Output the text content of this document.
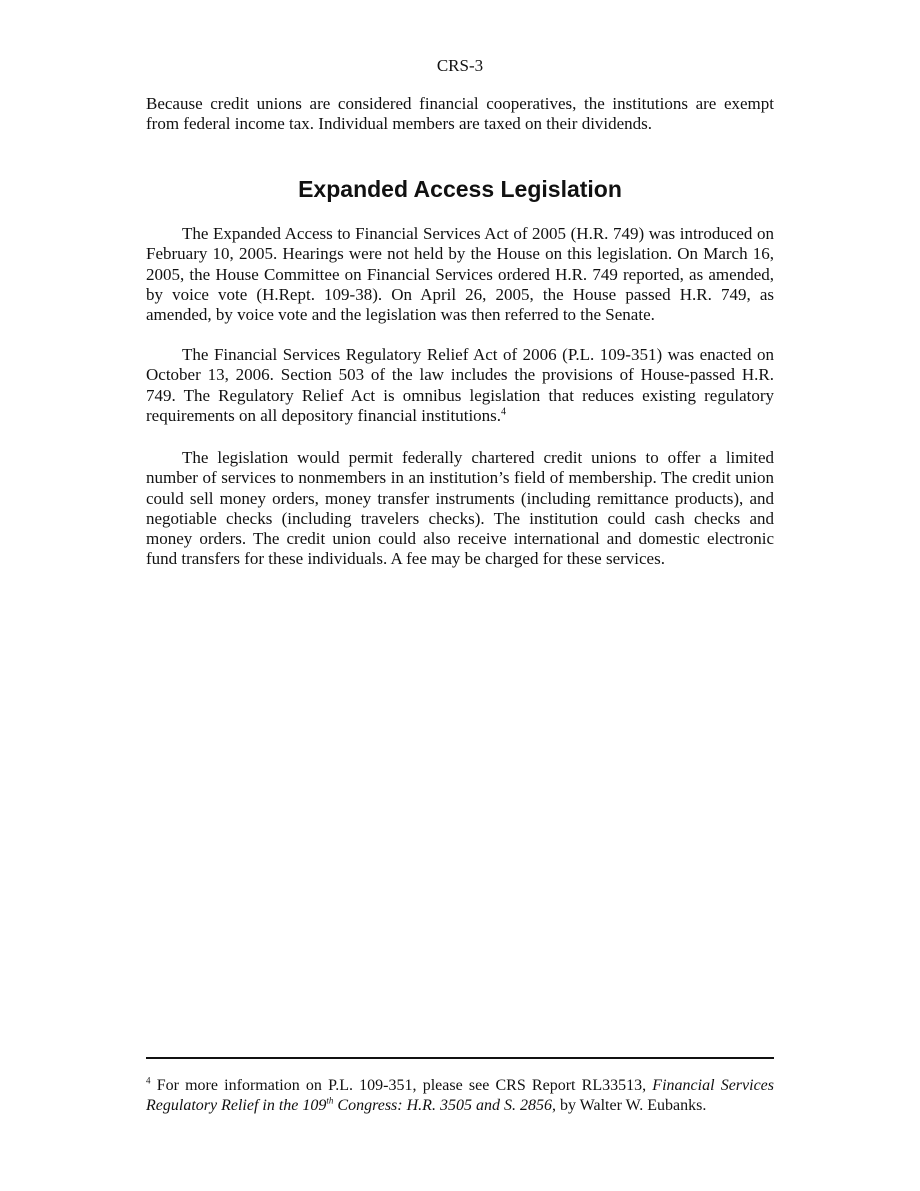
CRS-3

Because credit unions are considered financial cooperatives, the institutions are exempt from federal income tax. Individual members are taxed on their dividends.

Expanded Access Legislation

The Expanded Access to Financial Services Act of 2005 (H.R. 749) was introduced on February 10, 2005. Hearings were not held by the House on this legislation. On March 16, 2005, the House Committee on Financial Services ordered H.R. 749 reported, as amended, by voice vote (H.Rept. 109-38). On April 26, 2005, the House passed H.R. 749, as amended, by voice vote and the legislation was then referred to the Senate.

The Financial Services Regulatory Relief Act of 2006 (P.L. 109-351) was enacted on October 13, 2006. Section 503 of the law includes the provisions of House-passed H.R. 749. The Regulatory Relief Act is omnibus legislation that reduces existing regulatory requirements on all depository financial institutions.$^4$

The legislation would permit federally chartered credit unions to offer a limited number of services to nonmembers in an institution’s field of membership. The credit union could sell money orders, money transfer instruments (including remittance products), and negotiable checks (including travelers checks). The institution could cash checks and money orders. The credit union could also receive international and domestic electronic fund transfers for these individuals. A fee may be charged for these services.

$^4$ For more information on P.L. 109-351, please see CRS Report RL33513, Financial Services Regulatory Relief in the 109th Congress: H.R. 3505 and S. 2856, by Walter W. Eubanks.
